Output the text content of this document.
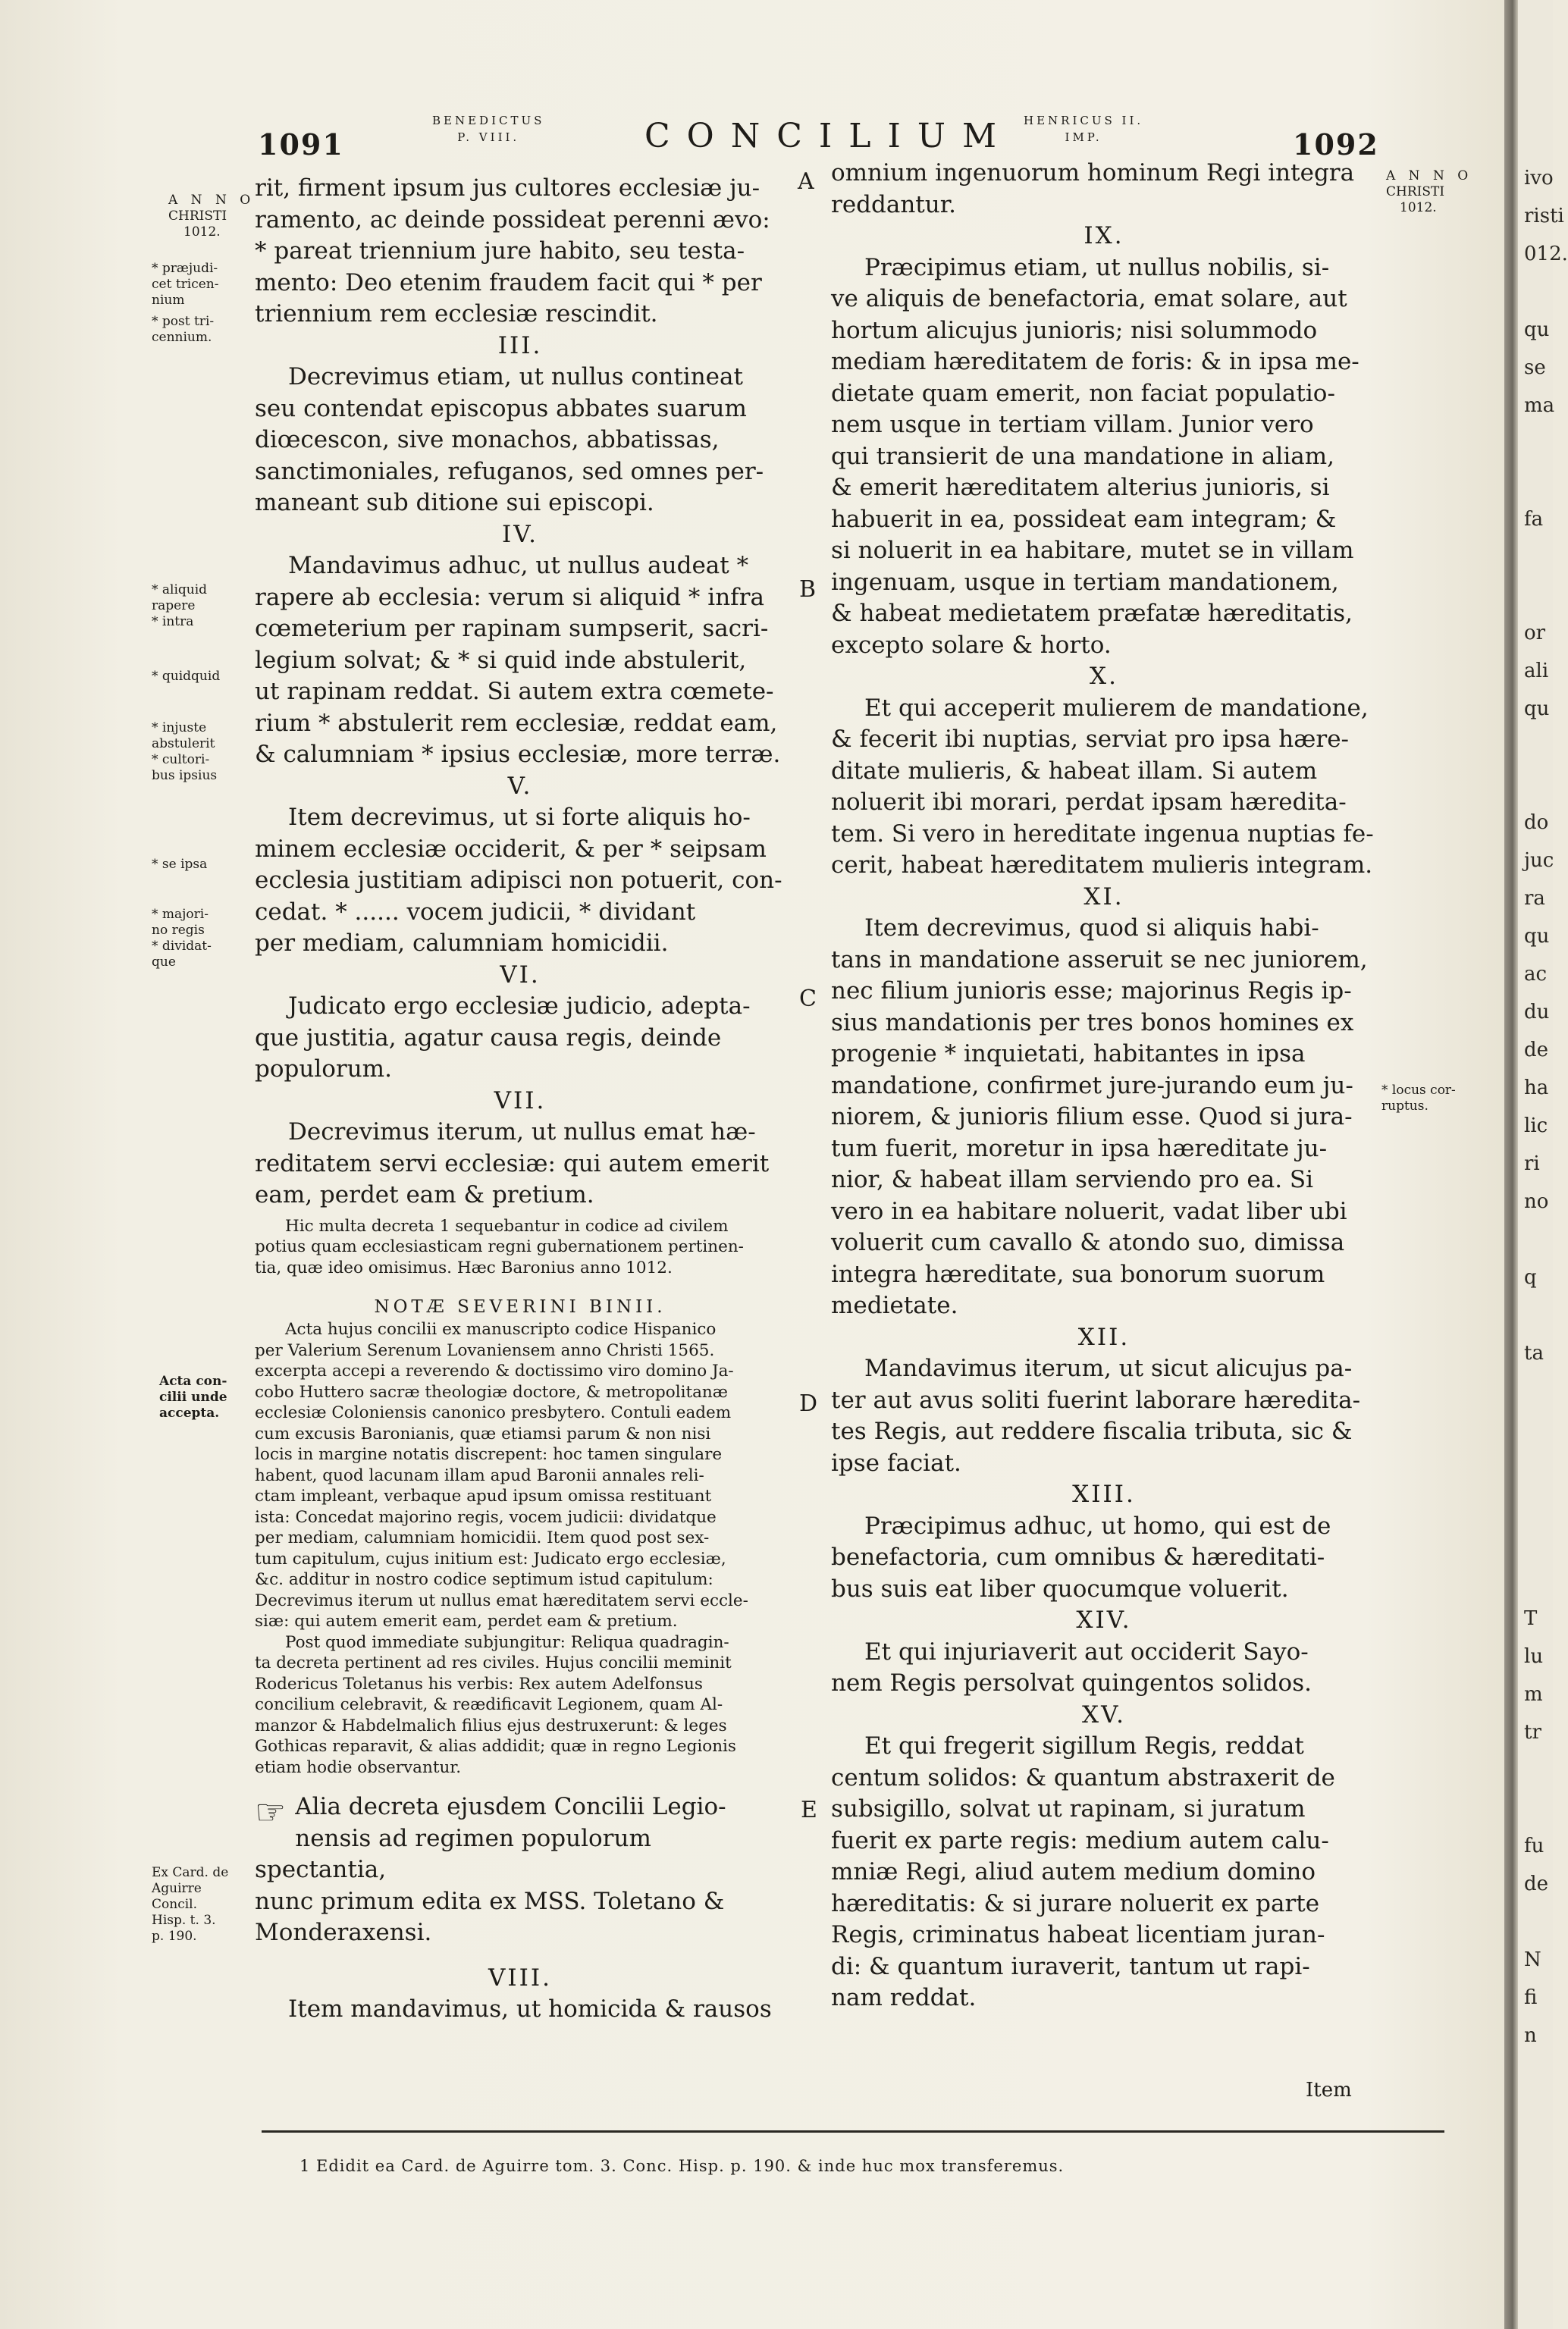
ivo
risti
012.
qu
se
ma
fa
or
ali
qu
do
juc
ra
qu
ac
du
de
ha
lic
ri
no
q
ta
T
lu
m
tr
fu
de
N
fi
n
1091
BENEDICTUS
P. VIII.	CONCILIUM HENRICUS II.
IMP.	1092
A N N O
CHRISTI
1012.
* præjudi-
cet tricen-
nium
* post tri-
cennium.
* aliquid
rapere
* intra
* quidquid
* injuste
abstulerit
* cultori-
bus ipsius
* se ipsa
* majori-
no regis
* dividat-
que
Acta con-
cilii unde
accepta.
Ex Card. de
Aguirre
Concil.
Hisp. t. 3.
p. 190.
A N N O
CHRISTI
1012.
* locus cor-
ruptus.
A
B
C
D
E

rit, firment ipsum jus cultores ecclesiæ ju-
ramento, ac deinde possideat perenni ævo:
* pareat triennium jure habito, seu testa-
mento: Deo etenim fraudem facit qui * per
triennium rem ecclesiæ rescindit.

III.

Decrevimus etiam, ut nullus contineat
seu contendat episcopus abbates suarum
diœcescon, sive monachos, abbatissas,
sanctimoniales, refuganos, sed omnes per-
maneant sub ditione sui episcopi.

IV.

Mandavimus adhuc, ut nullus audeat *
rapere ab ecclesia: verum si aliquid * infra
cœmeterium per rapinam sumpserit, sacri-
legium solvat; & * si quid inde abstulerit,
ut rapinam reddat. Si autem extra cœmete-
rium * abstulerit rem ecclesiæ, reddat eam,
& calumniam * ipsius ecclesiæ, more terræ.

V.

Item decrevimus, ut si forte aliquis ho-
minem ecclesiæ occiderit, & per * seipsam
ecclesia justitiam adipisci non potuerit, con-
cedat. * ...... vocem judicii, * dividant
per mediam, calumniam homicidii.

VI.

Judicato ergo ecclesiæ judicio, adepta-
que justitia, agatur causa regis, deinde
populorum.

VII.

Decrevimus iterum, ut nullus emat hæ-
reditatem servi ecclesiæ: qui autem emerit
eam, perdet eam & pretium.

Hic multa decreta 1 sequebantur in codice ad civilem
potius quam ecclesiasticam regni gubernationem pertinen-
tia, quæ ideo omisimus. Hæc Baronius anno 1012.

NOTÆ SEVERINI BINII.

Acta hujus concilii ex manuscripto codice Hispanico
per Valerium Serenum Lovaniensem anno Christi 1565.
excerpta accepi a reverendo & doctissimo viro domino Ja-
cobo Huttero sacræ theologiæ doctore, & metropolitanæ
ecclesiæ Coloniensis canonico presbytero. Contuli eadem
cum excusis Baronianis, quæ etiamsi parum & non nisi
locis in margine notatis discrepent: hoc tamen singulare
habent, quod lacunam illam apud Baronii annales reli-
ctam impleant, verbaque apud ipsum omissa restituant
ista: Concedat majorino regis, vocem judicii: dividatque
per mediam, calumniam homicidii. Item quod post sex-
tum capitulum, cujus initium est: Judicato ergo ecclesiæ,
&c. additur in nostro codice septimum istud capitulum:
Decrevimus iterum ut nullus emat hæreditatem servi eccle-
siæ: qui autem emerit eam, perdet eam & pretium.

Post quod immediate subjungitur: Reliqua quadragin-
ta decreta pertinent ad res civiles. Hujus concilii meminit
Rodericus Toletanus his verbis: Rex autem Adelfonsus
concilium celebravit, & reædificavit Legionem, quam Al-
manzor & Habdelmalich filius ejus destruxerunt: & leges
Gothicas reparavit, & alias addidit; quæ in regno Legionis
etiam hodie observantur.

☞ Alia decreta ejusdem Concilii Legio-
nensis ad regimen populorum spectantia,
nunc primum edita ex MSS. Toletano &
Monderaxensi.

VIII.

Item mandavimus, ut homicida & rausos

omnium ingenuorum hominum Regi integra
reddantur.

IX.

Præcipimus etiam, ut nullus nobilis, si-
ve aliquis de benefactoria, emat solare, aut
hortum alicujus junioris; nisi solummodo
mediam hæreditatem de foris: & in ipsa me-
dietate quam emerit, non faciat populatio-
nem usque in tertiam villam. Junior vero
qui transierit de una mandatione in aliam,
& emerit hæreditatem alterius junioris, si
habuerit in ea, possideat eam integram; &
si noluerit in ea habitare, mutet se in villam
ingenuam, usque in tertiam mandationem,
& habeat medietatem præfatæ hæreditatis,
excepto solare & horto.

X.

Et qui acceperit mulierem de mandatione,
& fecerit ibi nuptias, serviat pro ipsa hære-
ditate mulieris, & habeat illam. Si autem
noluerit ibi morari, perdat ipsam hæredita-
tem. Si vero in hereditate ingenua nuptias fe-
cerit, habeat hæreditatem mulieris integram.

XI.

Item decrevimus, quod si aliquis habi-
tans in mandatione asseruit se nec juniorem,
nec filium junioris esse; majorinus Regis ip-
sius mandationis per tres bonos homines ex
progenie * inquietati, habitantes in ipsa
mandatione, confirmet jure-jurando eum ju-
niorem, & junioris filium esse. Quod si jura-
tum fuerit, moretur in ipsa hæreditate ju-
nior, & habeat illam serviendo pro ea. Si
vero in ea habitare noluerit, vadat liber ubi
voluerit cum cavallo & atondo suo, dimissa
integra hæreditate, sua bonorum suorum
medietate.

XII.

Mandavimus iterum, ut sicut alicujus pa-
ter aut avus soliti fuerint laborare hæredita-
tes Regis, aut reddere fiscalia tributa, sic &
ipse faciat.

XIII.

Præcipimus adhuc, ut homo, qui est de
benefactoria, cum omnibus & hæreditati-
bus suis eat liber quocumque voluerit.

XIV.

Et qui injuriaverit aut occiderit Sayo-
nem Regis persolvat quingentos solidos.

XV.

Et qui fregerit sigillum Regis, reddat
centum solidos: & quantum abstraxerit de
subsigillo, solvat ut rapinam, si juratum
fuerit ex parte regis: medium autem calu-
mniæ Regi, aliud autem medium domino
hæreditatis: & si jurare noluerit ex parte
Regis, criminatus habeat licentiam juran-
di: & quantum iuraverit, tantum ut rapi-
nam reddat.

Item
1 Edidit ea Card. de Aguirre tom. 3. Conc. Hisp. p. 190. & inde huc mox transferemus.
